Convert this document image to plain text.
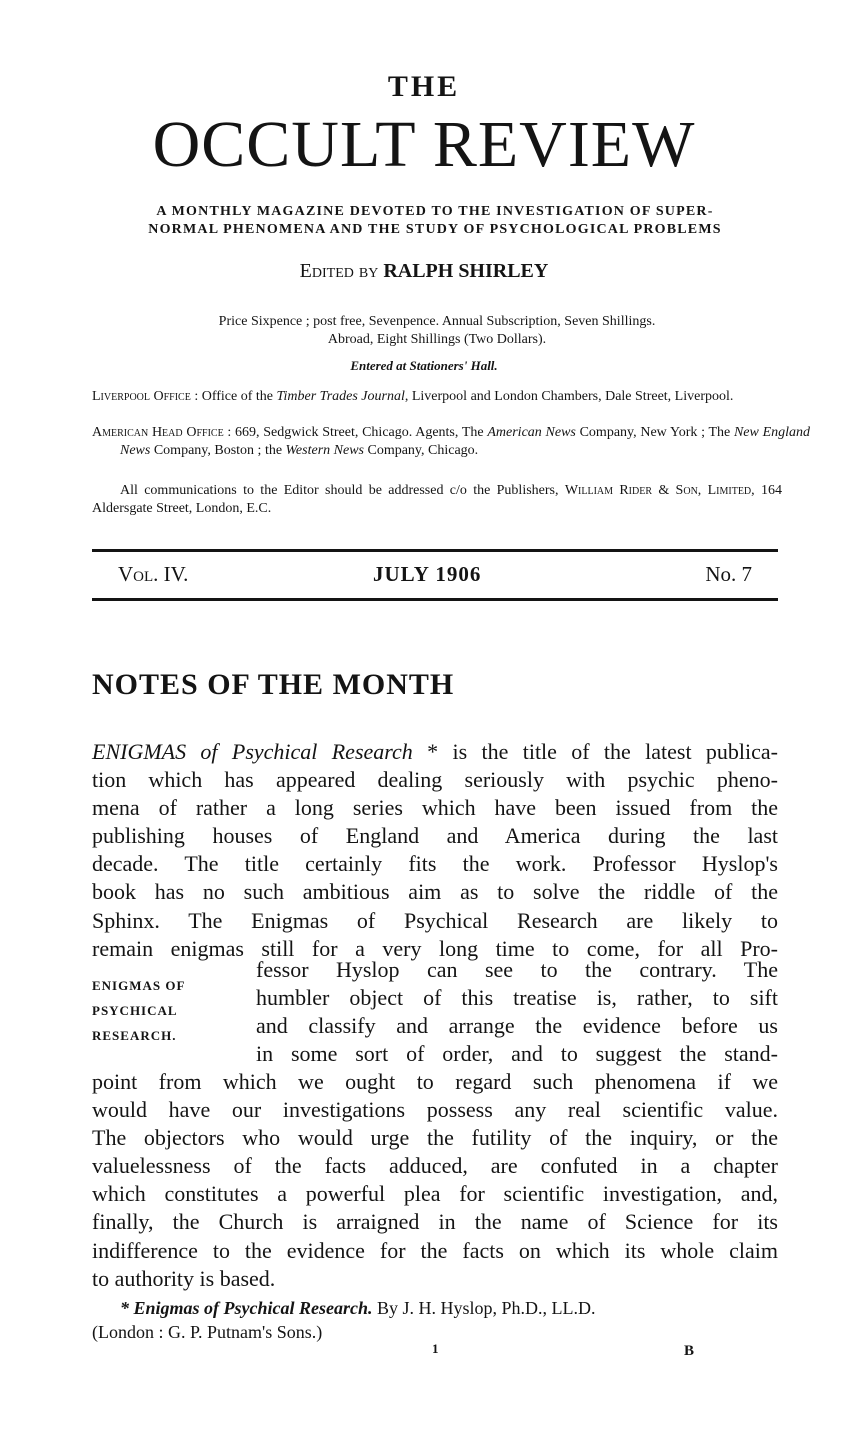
THE
OCCULT REVIEW
A MONTHLY MAGAZINE DEVOTED TO THE INVESTIGATION OF SUPER-
NORMAL PHENOMENA AND THE STUDY OF PSYCHOLOGICAL PROBLEMS
Edited by RALPH SHIRLEY
Price Sixpence ; post free, Sevenpence. Annual Subscription, Seven Shillings.
Abroad, Eight Shillings (Two Dollars).
Entered at Stationers' Hall.
Liverpool Office : Office of the Timber Trades Journal, Liverpool and London Chambers, Dale Street, Liverpool.
American Head Office : 669, Sedgwick Street, Chicago. Agents, The American News Company, New York ; The New England News Company, Boston ; the Western News Company, Chicago.
All communications to the Editor should be addressed c/o the Publishers, William Rider & Son, Limited, 164 Aldersgate Street, London, E.C.
Vol. IV.	JULY 1906	No. 7
NOTES OF THE MONTH
ENIGMAS of Psychical Research * is the title of the latest publica-
tion which has appeared dealing seriously with psychic pheno-
mena of rather a long series which have been issued from the
publishing houses of England and America during the last
decade. The title certainly fits the work. Professor Hyslop's
book has no such ambitious aim as to solve the riddle of the
Sphinx. The Enigmas of Psychical Research are likely to
remain enigmas still for a very long time to come, for all Pro-
ENIGMAS OF
PSYCHICAL
RESEARCH.
fessor Hyslop can see to the contrary. The
humbler object of this treatise is, rather, to sift
and classify and arrange the evidence before us
in some sort of order, and to suggest the stand-
point from which we ought to regard such phenomena if we
would have our investigations possess any real scientific value.
The objectors who would urge the futility of the inquiry, or the
valuelessness of the facts adduced, are confuted in a chapter
which constitutes a powerful plea for scientific investigation, and,
finally, the Church is arraigned in the name of Science for its
indifference to the evidence for the facts on which its whole claim
to authority is based.
* Enigmas of Psychical Research. By J. H. Hyslop, Ph.D., LL.D.
(London : G. P. Putnam's Sons.)
1	B
